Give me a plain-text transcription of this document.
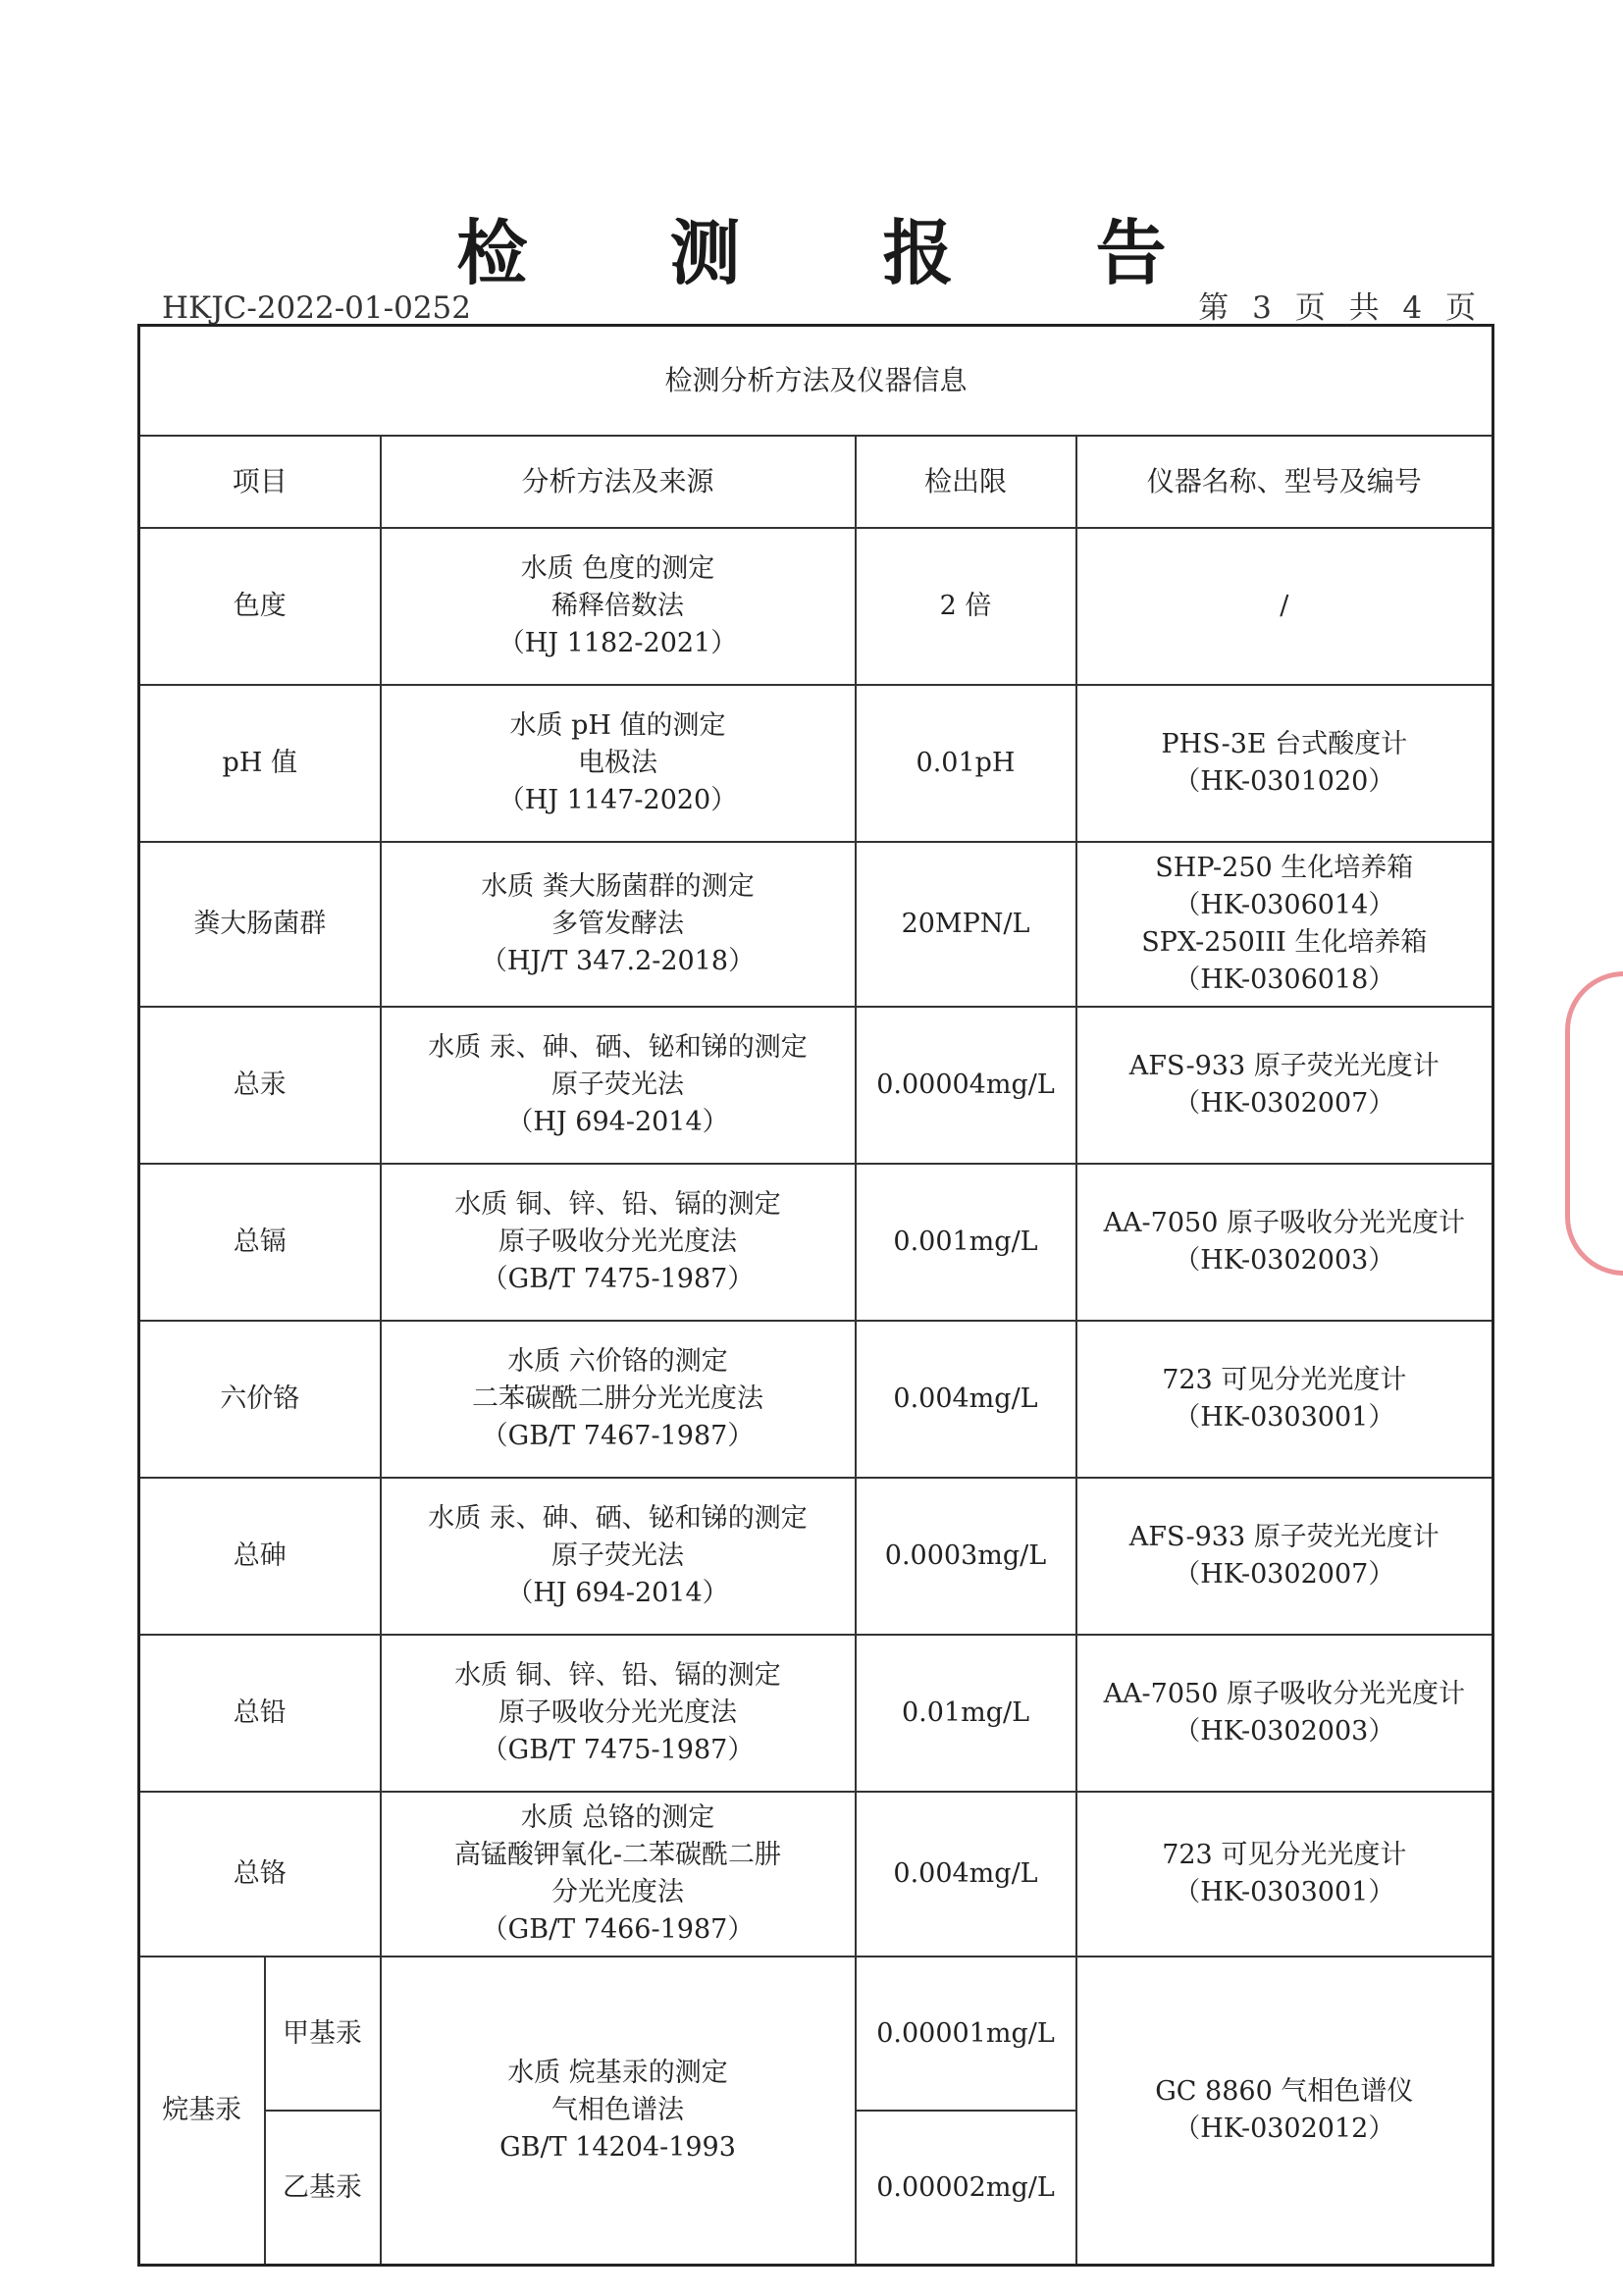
检 测 报 告
HKJC-2022-01-0252	第 3 页 共 4 页
检测分析方法及仪器信息				
项目		分析方法及来源	检出限	仪器名称、型号及编号
色度		水质 色度的测定
稀释倍数法
（HJ 1182-2021）	2 倍	/

pH 值		水质 pH 值的测定
电极法
（HJ 1147-2020）	0.01pH	PHS-3E 台式酸度计
（HK-0301020）

粪大肠菌群		水质 粪大肠菌群的测定
多管发酵法
（HJ/T 347.2-2018）	20MPN/L	SHP-250 生化培养箱
（HK-0306014）
SPX-250III 生化培养箱
（HK-0306018）

总汞		水质 汞、砷、硒、铋和锑的测定
原子荧光法
（HJ 694-2014）	0.00004mg/L	AFS-933 原子荧光光度计
（HK-0302007）

总镉		水质 铜、锌、铅、镉的测定
原子吸收分光光度法
（GB/T 7475-1987）	0.001mg/L	AA-7050 原子吸收分光光度计
（HK-0302003）

六价铬		水质 六价铬的测定
二苯碳酰二肼分光光度法
（GB/T 7467-1987）	0.004mg/L	723 可见分光光度计
（HK-0303001）

总砷		水质 汞、砷、硒、铋和锑的测定
原子荧光法
（HJ 694-2014）	0.0003mg/L	AFS-933 原子荧光光度计
（HK-0302007）

总铅		水质 铜、锌、铅、镉的测定
原子吸收分光光度法
（GB/T 7475-1987）	0.01mg/L	AA-7050 原子吸收分光光度计
（HK-0302003）

总铬		水质 总铬的测定
高锰酸钾氧化-二苯碳酰二肼
分光光度法
（GB/T 7466-1987）	0.004mg/L	723 可见分光光度计
（HK-0303001）

烷基汞	甲基汞	水质 烷基汞的测定
气相色谱法
GB/T 14204-1993	0.00001mg/L	GC 8860 气相色谱仪
（HK-0302012）

	乙基汞		0.00002mg/L	
